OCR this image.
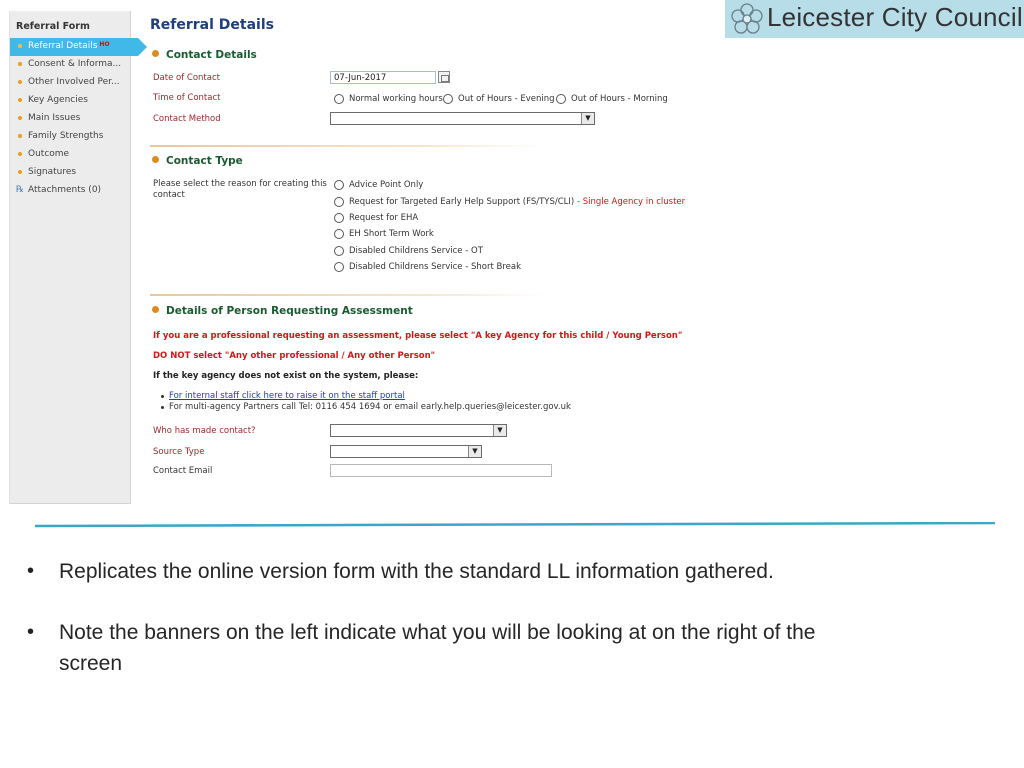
Leicester City Council
Referral Form
Referral Details $^{HO}$
Consent & Informa...
Other Involved Per...
Key Agencies
Main Issues
Family Strengths
Outcome
Signatures
℞ Attachments (0)
Referral Details
Contact Details
Date of Contact	07-Jun-2017
Time of Contact	Normal working hours Out of Hours - Evening Out of Hours - Morning
Contact Method	▼
Contact Type
Please select the reason for creating this
contact
Advice Point Only
Request for Targeted Early Help Support (FS/TYS/CLI) - Single Agency in cluster
Request for EHA
EH Short Term Work
Disabled Childrens Service - OT
Disabled Childrens Service - Short Break
Details of Person Requesting Assessment
If you are a professional requesting an assessment, please select "A key Agency for this child / Young Person"
DO NOT select "Any other professional / Any other Person"
If the key agency does not exist on the system, please:
For internal staff click here to raise it on the staff portal
For multi-agency Partners call Tel: 0116 454 1694 or email early.help.queries@leicester.gov.uk
Who has made contact?	▼
Source Type	▼
Contact Email
• Replicates the online version form with the standard LL information gathered.
• Note the banners on the left indicate what you will be looking at on the right of the
screen
